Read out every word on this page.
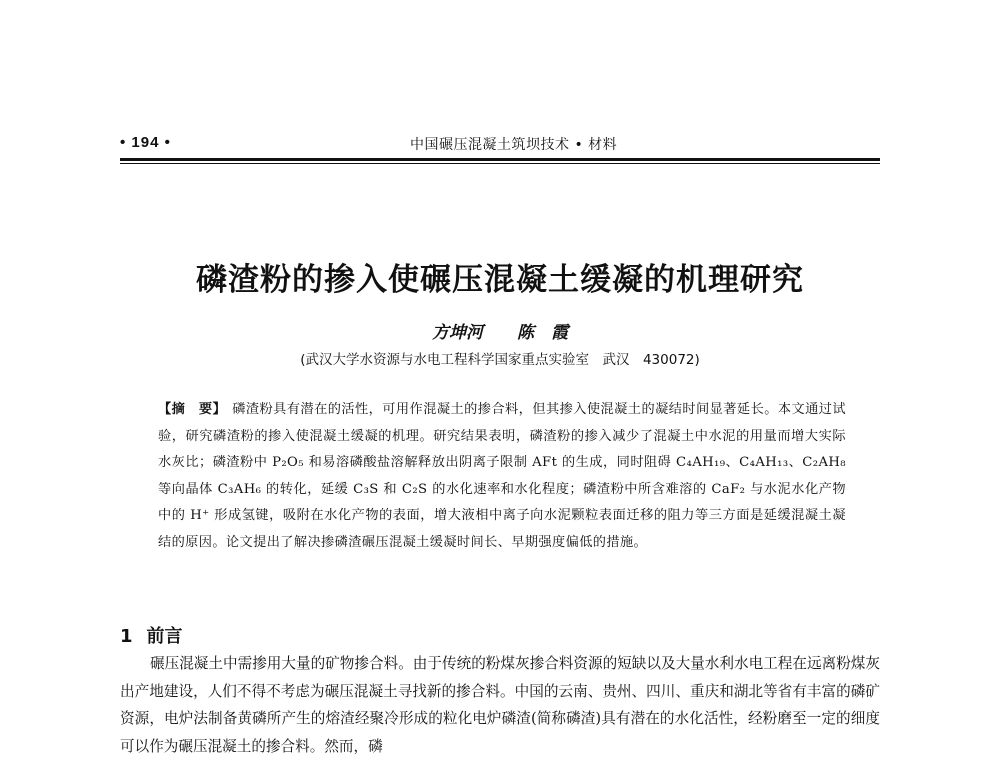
• 194 •	中国碾压混凝土筑坝技术 • 材料
磷渣粉的掺入使碾压混凝土缓凝的机理研究
方坤河 陈　霞
(武汉大学水资源与水电工程科学国家重点实验室　武汉　430072)
【摘　要】 磷渣粉具有潜在的活性，可用作混凝土的掺合料，但其掺入使混凝土的凝结时间显著延长。本文通过试验，研究磷渣粉的掺入使混凝土缓凝的机理。研究结果表明，磷渣粉的掺入减少了混凝土中水泥的用量而增大实际水灰比；磷渣粉中 P₂O₅ 和易溶磷酸盐溶解释放出阴离子限制 AFt 的生成，同时阻碍 C₄AH₁₉、C₄AH₁₃、C₂AH₈ 等向晶体 C₃AH₆ 的转化，延缓 C₃S 和 C₂S 的水化速率和水化程度；磷渣粉中所含难溶的 CaF₂ 与水泥水化产物中的 H⁺ 形成氢键，吸附在水化产物的表面，增大液相中离子向水泥颗粒表面迁移的阻力等三方面是延缓混凝土凝结的原因。论文提出了解决掺磷渣碾压混凝土缓凝时间长、早期强度偏低的措施。
1 前言
碾压混凝土中需掺用大量的矿物掺合料。由于传统的粉煤灰掺合料资源的短缺以及大量水利水电工程在远离粉煤灰出产地建设，人们不得不考虑为碾压混凝土寻找新的掺合料。中国的云南、贵州、四川、重庆和湖北等省有丰富的磷矿资源，电炉法制备黄磷所产生的熔渣经聚冷形成的粒化电炉磷渣(简称磷渣)具有潜在的水化活性，经粉磨至一定的细度可以作为碾压混凝土的掺合料。然而，磷
